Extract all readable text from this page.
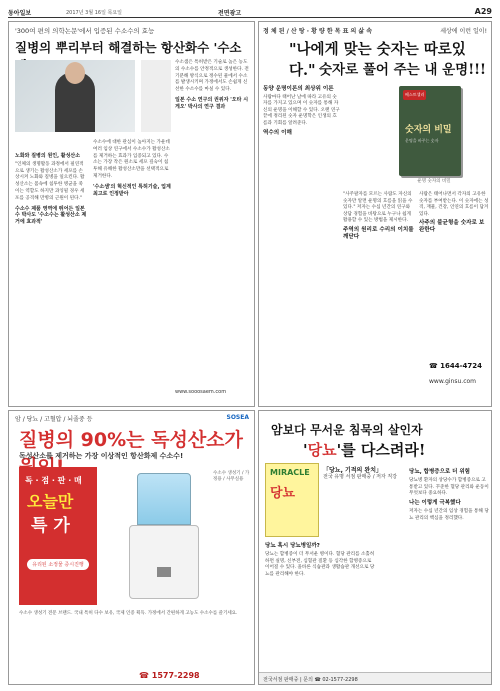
동아일보	2017년 3월 16일 목요일	전면광고	A29
'300여 편의 의학논문'에서 입증된 수소수의 효능
질병의 뿌리부터 해결하는 항산화수 '수소
노화와 질병의 원인, 활성산소
"인체의 생명활동 과정에서 필연적으로 생기는 활성산소가 세포를 손상시켜 노화와 질병을 일으킨다. 활성산소는 몸속에 침투한 병균을 죽이는 역할도 하지만 과잉될 경우 세포를 공격해 만병의 근원이 된다."
수소수 제품 영역에 뛰어든 일본수 박사도 '수소수는 활성산소 제거에 효과적'
수소수에 대한 관심이 높아지는 가운데 여러 임상 연구에서 수소수가 활성산소를 제거하는 효과가 입증되고 있다. 수소는 가장 작은 원소로 세포 깊숙이 침투해 유해한 활성산소만을 선택적으로 제거한다.
'수소샘'의 혁신적인 특허기술, 업계 최고로 인정받아
수소샘은 특허받은 기술로 높은 농도의 수소수를 안정적으로 생성한다. 전기분해 방식으로 정수된 물에서 수소를 발생시키며 가정에서도 손쉽게 신선한 수소수를 마실 수 있다.
일본 수소 연구의 권위자 '오타 시게오' 박사의 연구 결과
www.sooosaem.com
정 체 된 / 산 탕 · 황 량 한 목 표 의 삶 속	세상에 이런 일이!
"나에게 맞는 숫자는 따로있다." 숫자로 풀어 주는 내 운명!!!
동양 운명이론의 최상위 이론
사람마다 태어난 날에 따라 고유의 숫자를 가지고 있으며 이 숫자를 통해 자신의 운명을 이해할 수 있다. 오랜 연구 끝에 정리된 숫자 운명학은 인생의 흐름과 기회를 알려준다.
역수의 이해
"사주팔자를 모르는 사람도 자신의 숫자만 알면 운명의 흐름을 읽을 수 있다." 저자는 수십 년간의 연구와 상담 경험을 바탕으로 누구나 쉽게 활용할 수 있는 방법을 제시한다.
주역의 원리로 수리의 이치를 깨닫다
베스트셀러
숫자의 비밀
운명을 바꾸는 숫자
운명 숫자의 비밀
사람은 태어나면서 각자의 고유한 숫자를 부여받는다. 이 숫자에는 성격, 재물, 건강, 인연의 흐름이 담겨 있다.
사주의 불균형을 숫자로 보완한다
☎ 1644-4724
www.ginsu.com
암 / 당뇨 / 고혈압 / 뇌졸중 등	SOSEA
질병의 90%는 독성산소가
독성산소를 제거하는 가장 이상적인 항산화제 수소수!
독 · 점 · 판 · 매
오늘만
특 가
유리된 소정물 증시진행
수소수 생성기 / 가정용 / 사무실용
수소수 생성기 전문 브랜드. 국내 특허 다수 보유, 국제 인증 획득. 가정에서 간편하게 고농도 수소수를 즐기세요.
☎ 1577-2298
암보다 무서운 침묵의 살인자
'당뇨'를 다스려라!
MIRACLE
당뇨
「당뇨, 기적의 완치」
전국 유명 서점 판매중 / 저자 직강
당뇨 혹시 당뇨병일까?
당뇨는 합병증이 더 무서운 병이다. 혈당 관리를 소홀히 하면 실명, 신부전, 심혈관 질환 등 심각한 합병증으로 이어질 수 있다. 올바른 식습관과 생활습관 개선으로 당뇨를 관리해야 한다.
당뇨, 합병증으로 더 위험
당뇨병 환자의 상당수가 합병증으로 고통받고 있다. 꾸준한 혈당 관리와 운동이 무엇보다 중요하다.
나는 이렇게 극복했다
저자는 수십 년간의 임상 경험을 통해 당뇨 관리의 핵심을 정리했다.
전국서점 판매중 | 문의 ☎ 02-1577-2298
